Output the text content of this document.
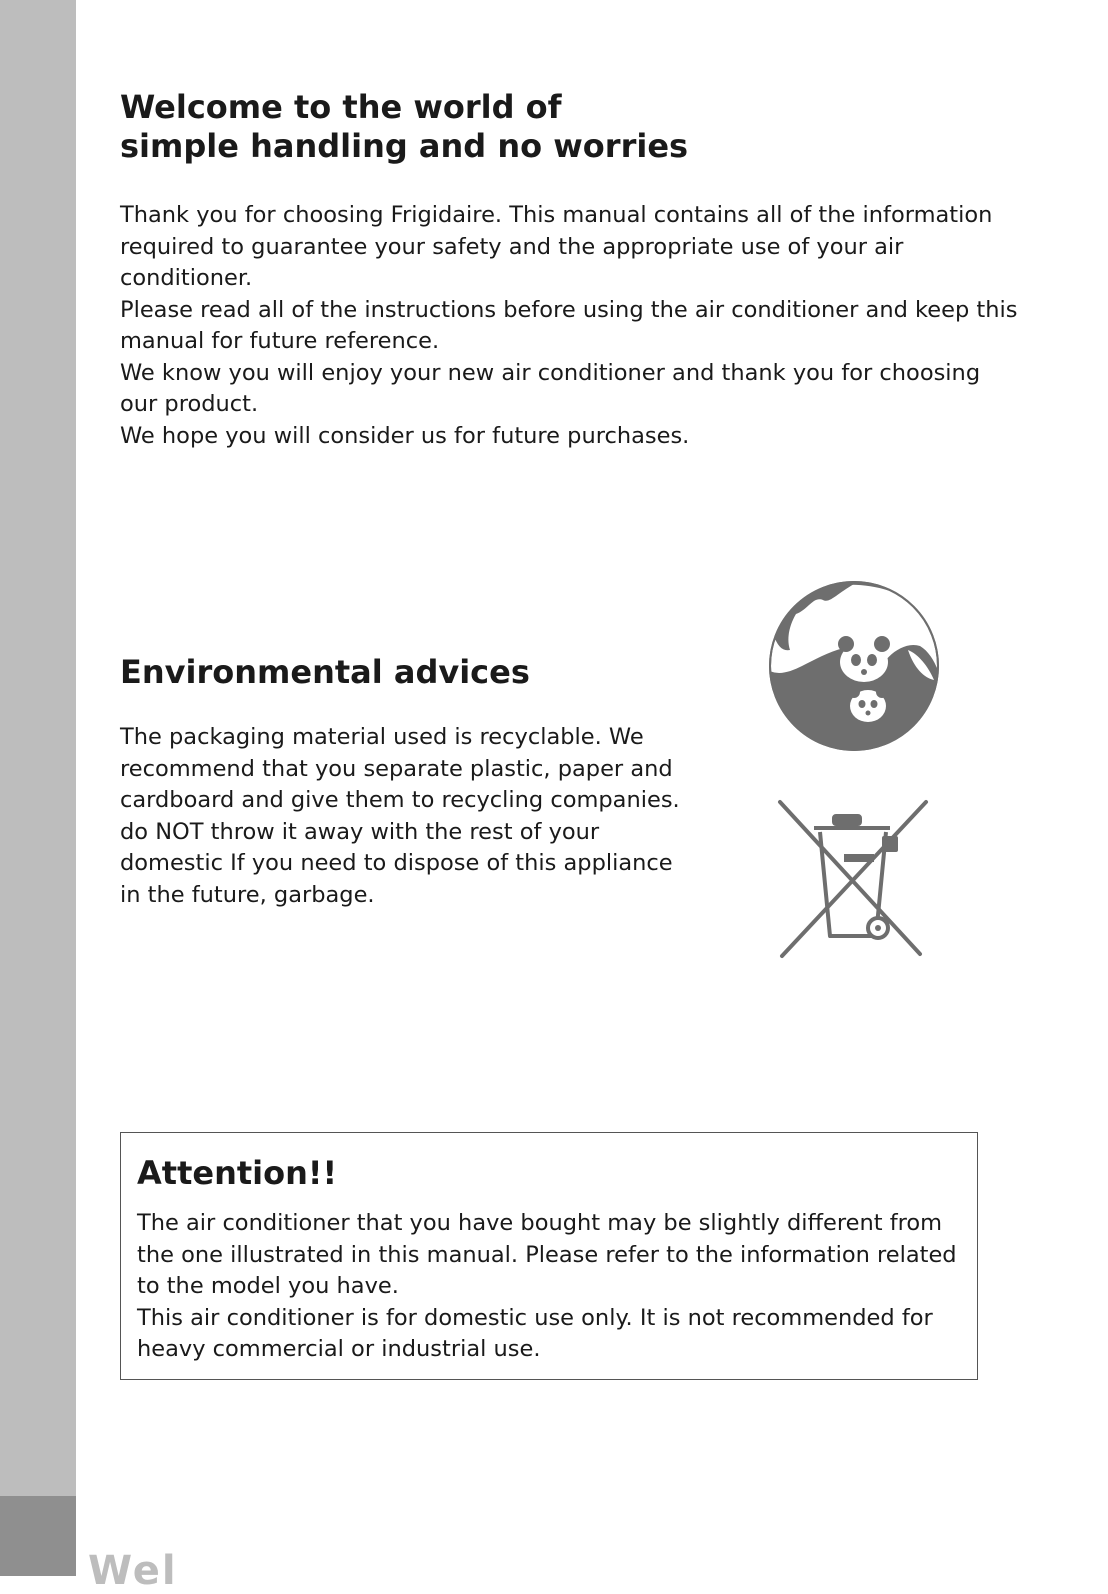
Wel
Welcome to the world of
simple handling and no worries

Thank you for choosing Frigidaire. This manual contains all of the information required to guarantee your safety and the appropriate use of your air conditioner.

Please read all of the instructions before using the air conditioner and keep this manual for future reference.

We know you will enjoy your new air conditioner and thank you for choosing our product.

We hope you will consider us for future purchases.

Environmental advices

The packaging material used is recyclable. We
recommend that you separate plastic, paper and
cardboard and give them to recycling companies.
do NOT throw it away with the rest of your
domestic If you need to dispose of this appliance
in the future, garbage.

Attention!!

The air conditioner that you have bought may be slightly different from
the one illustrated in this manual. Please refer to the information related
to the model you have.

This air conditioner is for domestic use only. It is not recommended for
heavy commercial or industrial use.
